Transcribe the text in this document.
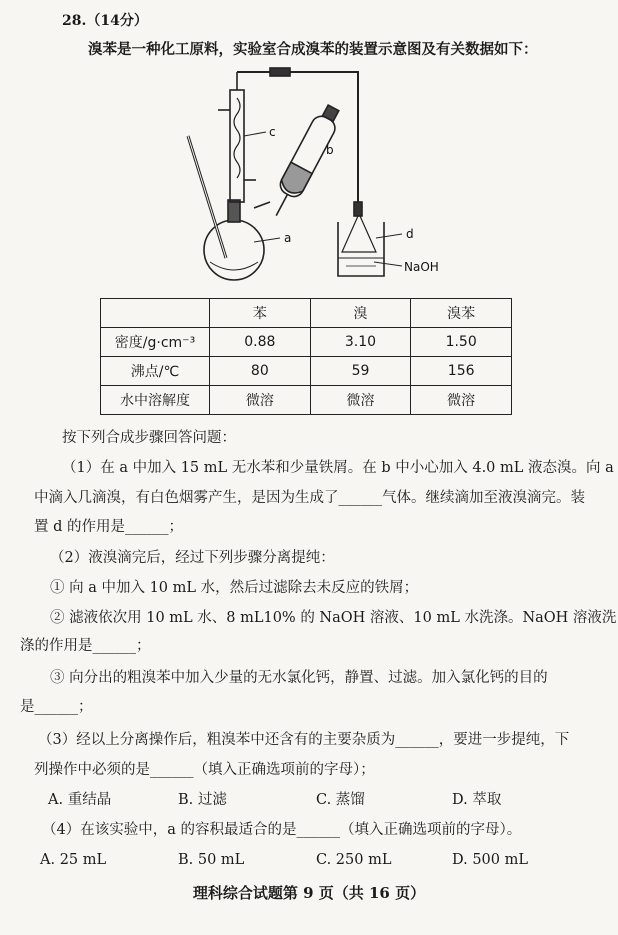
28.（14分）
溴苯是一种化工原料，实验室合成溴苯的装置示意图及有关数据如下：
c
b
a	d
NaOH
	苯	溴	溴苯
密度/g·cm⁻³	0.88	3.10	1.50
沸点/℃	80	59	156
水中溶解度	微溶	微溶	微溶
按下列合成步骤回答问题：
（1）在 a 中加入 15 mL 无水苯和少量铁屑。在 b 中小心加入 4.0 mL 液态溴。向 a
中滴入几滴溴，有白色烟雾产生，是因为生成了______气体。继续滴加至液溴滴完。装
置 d 的作用是______；
（2）液溴滴完后，经过下列步骤分离提纯：
① 向 a 中加入 10 mL 水，然后过滤除去未反应的铁屑；
② 滤液依次用 10 mL 水、8 mL10% 的 NaOH 溶液、10 mL 水洗涤。NaOH 溶液洗
涤的作用是______；
③ 向分出的粗溴苯中加入少量的无水氯化钙，静置、过滤。加入氯化钙的目的
是______；
（3）经以上分离操作后，粗溴苯中还含有的主要杂质为______，要进一步提纯，下
列操作中必须的是______（填入正确选项前的字母）；
A. 重结晶	B. 过滤	C. 蒸馏	D. 萃取
（4）在该实验中，a 的容积最适合的是______（填入正确选项前的字母）。
A. 25 mL	B. 50 mL	C. 250 mL	D. 500 mL
理科综合试题第 9 页（共 16 页）
